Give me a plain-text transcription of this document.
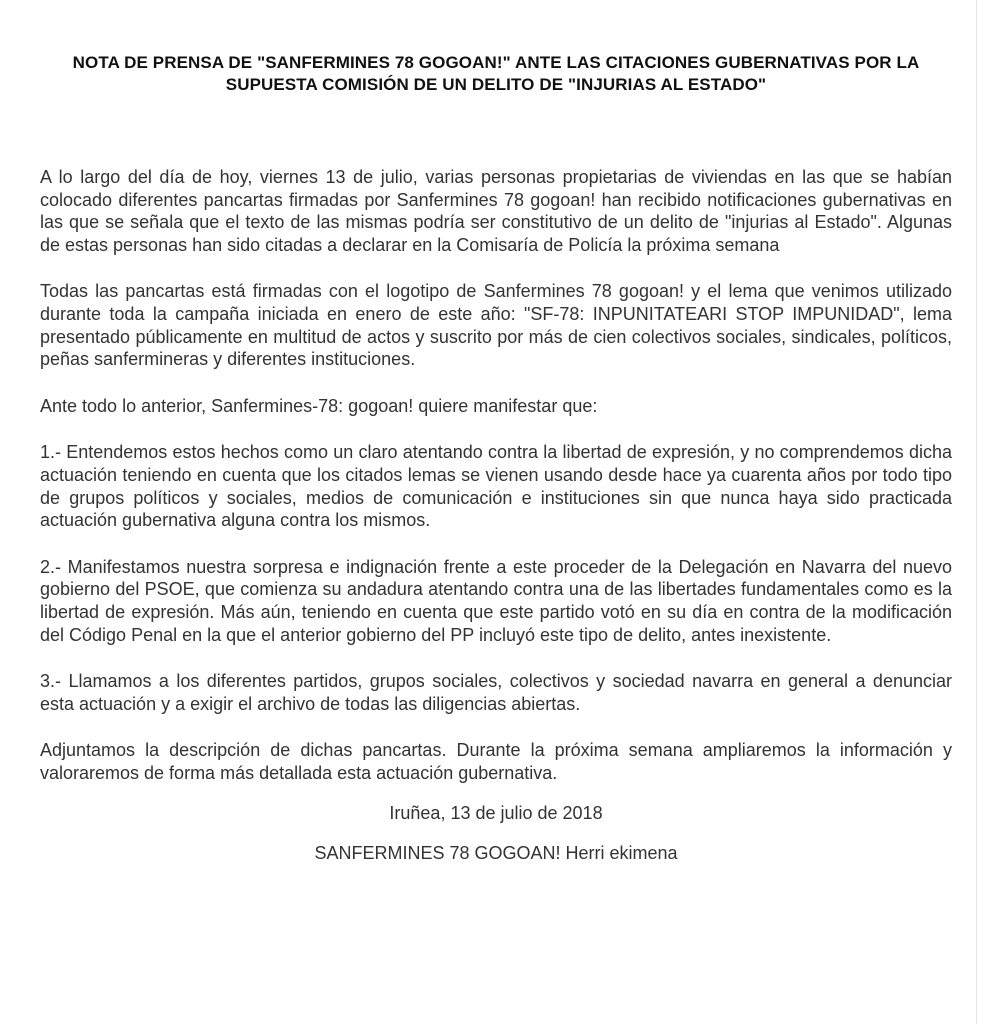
NOTA DE PRENSA DE "SANFERMINES 78 GOGOAN!" ANTE LAS CITACIONES GUBERNATIVAS POR LA SUPUESTA COMISIÓN DE UN DELITO DE "INJURIAS AL ESTADO"

A lo largo del día de hoy, viernes 13 de julio, varias personas propietarias de viviendas en las que se habían colocado diferentes pancartas firmadas por Sanfermines 78 gogoan! han recibido notificaciones gubernativas en las que se señala que el texto de las mismas podría ser constitutivo de un delito de "injurias al Estado". Algunas de estas personas han sido citadas a declarar en la Comisaría de Policía la próxima semana

Todas las pancartas está firmadas con el logotipo de Sanfermines 78 gogoan! y el lema que venimos utilizado durante toda la campaña iniciada en enero de este año: "SF-78: INPUNITATEARI STOP IMPUNIDAD", lema presentado públicamente en multitud de actos y suscrito por más de cien colectivos sociales, sindicales, políticos, peñas sanfermineras y diferentes instituciones.

Ante todo lo anterior, Sanfermines-78: gogoan! quiere manifestar que:

1.- Entendemos estos hechos como un claro atentando contra la libertad de expresión, y no comprendemos dicha actuación teniendo en cuenta que los citados lemas se vienen usando desde hace ya cuarenta años por todo tipo de grupos políticos y sociales, medios de comunicación e instituciones sin que nunca haya sido practicada actuación gubernativa alguna contra los mismos.

2.- Manifestamos nuestra sorpresa e indignación frente a este proceder de la Delegación en Navarra del nuevo gobierno del PSOE, que comienza su andadura atentando contra una de las libertades fundamentales como es la libertad de expresión. Más aún, teniendo en cuenta que este partido votó en su día en contra de la modificación del Código Penal en la que el anterior gobierno del PP incluyó este tipo de delito, antes inexistente.

3.- Llamamos a los diferentes partidos, grupos sociales, colectivos y sociedad navarra en general a denunciar esta actuación y a exigir el archivo de todas las diligencias abiertas.

Adjuntamos la descripción de dichas pancartas. Durante la próxima semana ampliaremos la información y valoraremos de forma más detallada esta actuación gubernativa.

Iruñea, 13 de julio de 2018

SANFERMINES 78 GOGOAN! Herri ekimena
